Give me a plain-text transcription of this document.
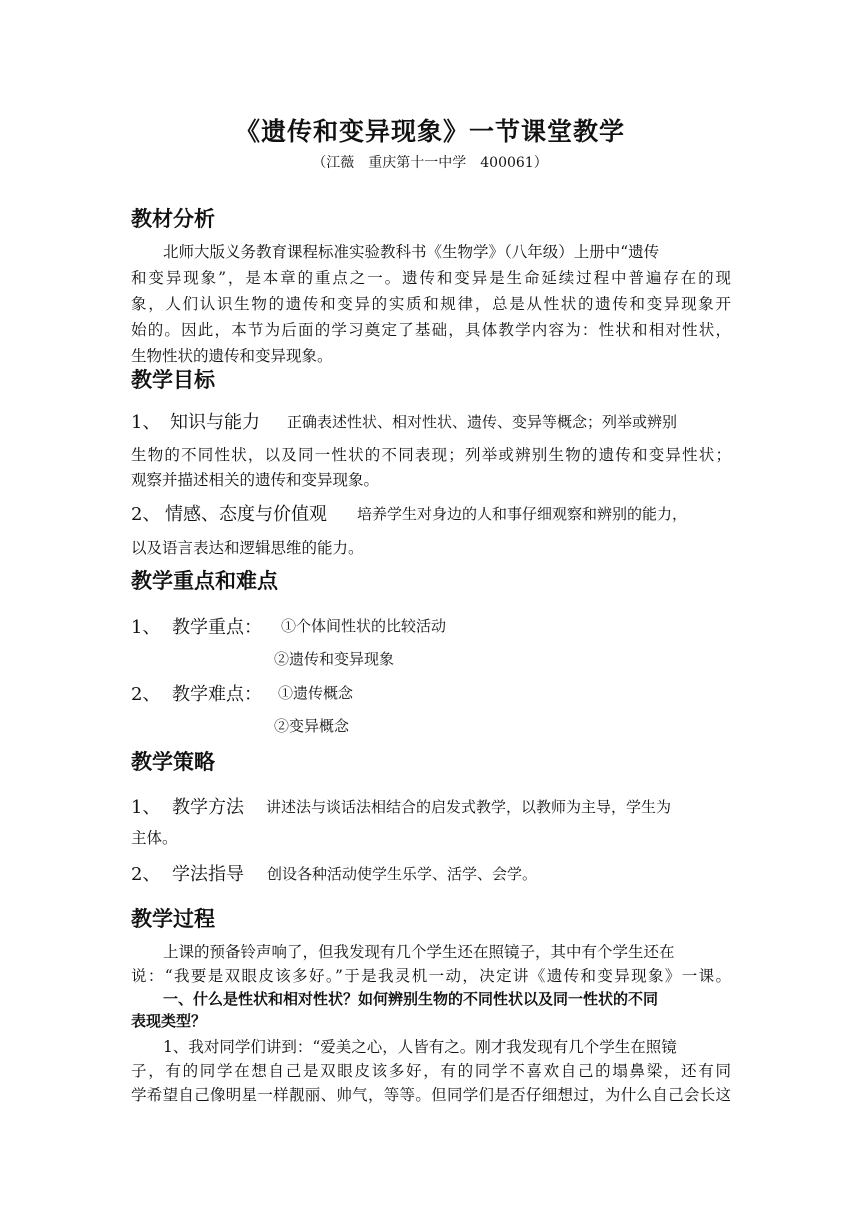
《遗传和变异现象》一节课堂教学
（江薇　重庆第十一中学　400061）
教材分析
北师大版义务教育课程标准实验教科书《生物学》（八年级）上册中“遗传
和变异现象”，是本章的重点之一。遗传和变异是生命延续过程中普遍存在的现
象，人们认识生物的遗传和变异的实质和规律，总是从性状的遗传和变异现象开
始的。因此，本节为后面的学习奠定了基础，具体教学内容为：性状和相对性状，
生物性状的遗传和变异现象。
教学目标
1、 知识与能力 正确表述性状、相对性状、遗传、变异等概念；列举或辨别
生物的不同性状，以及同一性状的不同表现；列举或辨别生物的遗传和变异性状；
观察并描述相关的遗传和变异现象。
2、 情感、态度与价值观 培养学生对身边的人和事仔细观察和辨别的能力，
以及语言表达和逻辑思维的能力。
教学重点和难点
1、 教学重点： ①个体间性状的比较活动
②遗传和变异现象
2、 教学难点： ①遗传概念
②变异概念
教学策略
1、 教学方法 讲述法与谈话法相结合的启发式教学，以教师为主导，学生为
主体。
2、 学法指导 创设各种活动使学生乐学、活学、会学。
教学过程
上课的预备铃声响了，但我发现有几个学生还在照镜子，其中有个学生还在
说：“我要是双眼皮该多好。”于是我灵机一动，决定讲《遗传和变异现象》一课。
一、什么是性状和相对性状？如何辨别生物的不同性状以及同一性状的不同
表现类型？
1、我对同学们讲到：“爱美之心，人皆有之。刚才我发现有几个学生在照镜
子，有的同学在想自己是双眼皮该多好，有的同学不喜欢自己的塌鼻梁，还有同
学希望自己像明星一样靓丽、帅气，等等。但同学们是否仔细想过，为什么自己会长这
